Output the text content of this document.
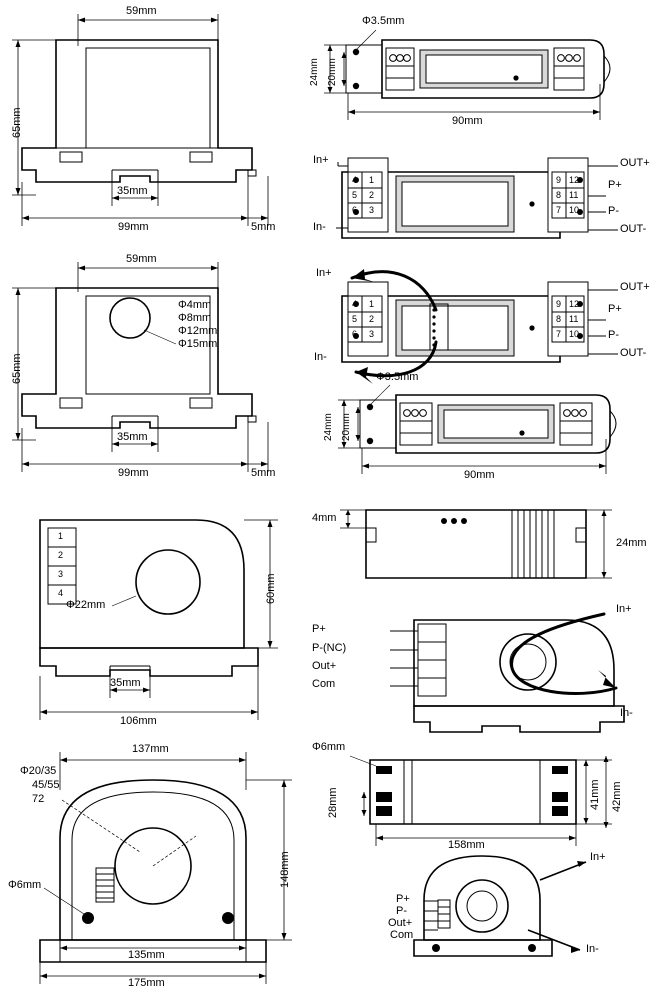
59mm
65mm
35mm
99mm	5mm
Φ3.5mm
24mm 20mm
90mm
In+
In-
OUT+
OUT-
P+
P-
4
5
6
1
2
3
9
8
7
12
11
10
59mm
65mm
Φ4mm
Φ8mm
Φ12mm
Φ15mm
35mm
99mm	5mm
In+
In-
OUT+
OUT-
P+
P-
4
5
6
1
2
3
9
8
7
12
11
10
Φ3.5mm
24mm 20mm
90mm
4mm
24mm
1
2
3
4
Φ22mm
60mm
35mm
106mm
P+
P-(NC)
Out+
Com
In+
In-
137mm
Φ20/35
45/55
72
Φ6mm	148mm
135mm
175mm
Φ6mm
28mm	41mm 42mm
158mm
P+
P-
Out+
Com
In+
In-
